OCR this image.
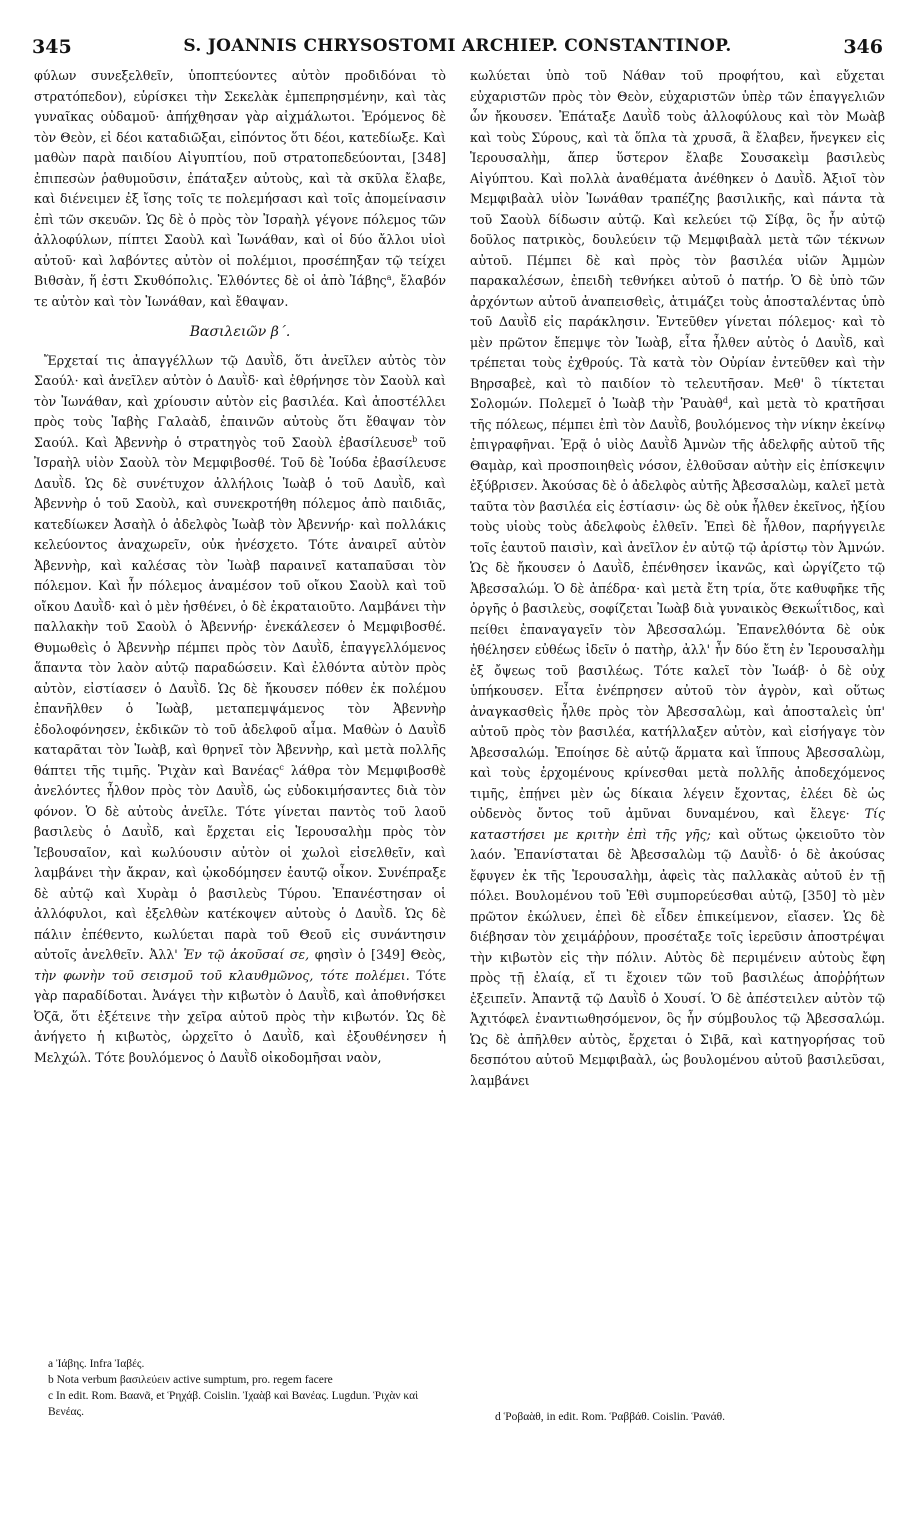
345	S. JOANNIS CHRYSOSTOMI ARCHIEP. CONSTANTINOP.	346

φύλων συνεξελθεῖν, ὑποπτεύοντες αὐτὸν προδιδόναι τὸ στρατόπεδον), εὑρίσκει τὴν Σεκελὰκ ἐμπεπρησμένην, καὶ τὰς γυναῖκας οὐδαμοῦ· ἀπήχθησαν γὰρ αἰχμάλωτοι. Ἐρόμενος δὲ τὸν Θεὸν, εἰ δέοι καταδιῶξαι, εἰπόντος ὅτι δέοι, κατεδίωξε. Καὶ μαθὼν παρὰ παιδίου Αἰγυπτίου, ποῦ στρατοπεδεύονται, [348] ἐπιπεσὼν ῥαθυμοῦσιν, ἐπάταξεν αὐτοὺς, καὶ τὰ σκῦλα ἔλαβε, καὶ διένειμεν ἐξ ἴσης τοῖς τε πολεμήσασι καὶ τοῖς ἀπομείνασιν ἐπὶ τῶν σκευῶν. Ὡς δὲ ὁ πρὸς τὸν Ἰσραὴλ γέγονε πόλεμος τῶν ἀλλοφύλων, πίπτει Σαοὺλ καὶ Ἰωνάθαν, καὶ οἱ δύο ἄλλοι υἱοὶ αὐτοῦ· καὶ λαβόντες αὐτὸν οἱ πολέμιοι, προσέπηξαν τῷ τείχει Βιθσὰν, ἥ ἐστι Σκυθόπολις. Ἐλθόντες δὲ οἱ ἀπὸ Ἰάβης$^a$, ἔλαβόν τε αὐτὸν καὶ τὸν Ἰωνάθαν, καὶ ἔθαψαν.

Βασιλειῶν β΄.

Ἔρχεταί τις ἀπαγγέλλων τῷ Δαυῒδ, ὅτι ἀνεῖλεν αὐτὸς τὸν Σαούλ· καὶ ἀνεῖλεν αὐτὸν ὁ Δαυῒδ· καὶ ἐθρήνησε τὸν Σαοὺλ καὶ τὸν Ἰωνάθαν, καὶ χρίουσιν αὐτὸν εἰς βασιλέα. Καὶ ἀποστέλλει πρὸς τοὺς Ἰαβὴς Γαλαὰδ, ἐπαινῶν αὐτοὺς ὅτι ἔθαψαν τὸν Σαούλ. Καὶ Ἀβεννὴρ ὁ στρατηγὸς τοῦ Σαοὺλ ἐβασίλευσε$^b$ τοῦ Ἰσραὴλ υἱὸν Σαοὺλ τὸν Μεμφιβοσθέ. Τοῦ δὲ Ἰούδα ἐβασίλευσε Δαυῒδ. Ὡς δὲ συνέτυχον ἀλλήλοις Ἰωὰβ ὁ τοῦ Δαυῒδ, καὶ Ἀβεννὴρ ὁ τοῦ Σαοὺλ, καὶ συνεκροτήθη πόλεμος ἀπὸ παιδιᾶς, κατεδίωκεν Ἀσαὴλ ὁ ἀδελφὸς Ἰωὰβ τὸν Ἀβεννήρ· καὶ πολλάκις κελεύοντος ἀναχωρεῖν, οὐκ ἠνέσχετο. Τότε ἀναιρεῖ αὐτὸν Ἀβεννὴρ, καὶ καλέσας τὸν Ἰωὰβ παραινεῖ καταπαῦσαι τὸν πόλεμον. Καὶ ἦν πόλεμος ἀναμέσον τοῦ οἴκου Σαοὺλ καὶ τοῦ οἴκου Δαυῒδ· καὶ ὁ μὲν ἠσθένει, ὁ δὲ ἐκραταιοῦτο. Λαμβάνει τὴν παλλακὴν τοῦ Σαοὺλ ὁ Ἀβεννήρ· ἐνεκάλεσεν ὁ Μεμφιβοσθέ. Θυμωθεὶς ὁ Ἀβεννὴρ πέμπει πρὸς τὸν Δαυῒδ, ἐπαγγελλόμενος ἅπαντα τὸν λαὸν αὐτῷ παραδώσειν. Καὶ ἐλθόντα αὐτὸν πρὸς αὐτὸν, εἰστίασεν ὁ Δαυῒδ. Ὡς δὲ ἤκουσεν πόθεν ἐκ πολέμου ἐπανῆλθεν ὁ Ἰωὰβ, μεταπεμψάμενος τὸν Ἀβεννὴρ ἐδολοφόνησεν, ἐκδικῶν τὸ τοῦ ἀδελφοῦ αἷμα. Μαθὼν ὁ Δαυῒδ καταρᾶται τὸν Ἰωὰβ, καὶ θρηνεῖ τὸν Ἀβεννὴρ, καὶ μετὰ πολλῆς θάπτει τῆς τιμῆς. Ῥιχὰν καὶ Βανέας$^c$ λάθρα τὸν Μεμφιβοσθὲ ἀνελόντες ἦλθον πρὸς τὸν Δαυῒδ, ὡς εὐδοκιμήσαντες διὰ τὸν φόνον. Ὁ δὲ αὐτοὺς ἀνεῖλε. Τότε γίνεται παντὸς τοῦ λαοῦ βασιλεὺς ὁ Δαυῒδ, καὶ ἔρχεται εἰς Ἱερουσαλὴμ πρὸς τὸν Ἰεβουσαῖον, καὶ κωλύουσιν αὐτὸν οἱ χωλοὶ εἰσελθεῖν, καὶ λαμβάνει τὴν ἄκραν, καὶ ᾠκοδόμησεν ἑαυτῷ οἶκον. Συνέπραξε δὲ αὐτῷ καὶ Χυρὰμ ὁ βασιλεὺς Τύρου. Ἐπανέστησαν οἱ ἀλλόφυλοι, καὶ ἐξελθὼν κατέκοψεν αὐτοὺς ὁ Δαυῒδ. Ὡς δὲ πάλιν ἐπέθεντο, κωλύεται παρὰ τοῦ Θεοῦ εἰς συνάντησιν αὐτοῖς ἀνελθεῖν. Ἀλλ' Ἐν τῷ ἀκοῦσαί σε, φησὶν ὁ [349] Θεὸς, τὴν φωνὴν τοῦ σεισμοῦ τοῦ κλαυθμῶνος, τότε πολέμει. Τότε γὰρ παραδίδοται. Ἀνάγει τὴν κιβωτὸν ὁ Δαυῒδ, καὶ ἀποθνήσκει Ὀζᾶ, ὅτι ἐξέτεινε τὴν χεῖρα αὐτοῦ πρὸς τὴν κιβωτόν. Ὡς δὲ ἀνήγετο ἡ κιβωτὸς, ὠρχεῖτο ὁ Δαυῒδ, καὶ ἐξουθένησεν ἡ Μελχώλ. Τότε βουλόμενος ὁ Δαυῒδ οἰκοδομῆσαι ναὸν,

κωλύεται ὑπὸ τοῦ Νάθαν τοῦ προφήτου, καὶ εὔχεται εὐχαριστῶν πρὸς τὸν Θεὸν, εὐχαριστῶν ὑπὲρ τῶν ἐπαγγελιῶν ὧν ἤκουσεν. Ἐπάταξε Δαυῒδ τοὺς ἀλλοφύλους καὶ τὸν Μωὰβ καὶ τοὺς Σύρους, καὶ τὰ ὅπλα τὰ χρυσᾶ, ἃ ἔλαβεν, ἤνεγκεν εἰς Ἱερουσαλὴμ, ἅπερ ὕστερον ἔλαβε Σουσακεὶμ βασιλεὺς Αἰγύπτου. Καὶ πολλὰ ἀναθέματα ἀνέθηκεν ὁ Δαυῒδ. Ἀξιοῖ τὸν Μεμφιβαὰλ υἱὸν Ἰωνάθαν τραπέζης βασιλικῆς, καὶ πάντα τὰ τοῦ Σαοὺλ δίδωσιν αὐτῷ. Καὶ κελεύει τῷ Σίβᾳ, ὃς ἦν αὐτῷ δοῦλος πατρικὸς, δουλεύειν τῷ Μεμφιβαὰλ μετὰ τῶν τέκνων αὐτοῦ. Πέμπει δὲ καὶ πρὸς τὸν βασιλέα υἱῶν Ἀμμὼν παρακαλέσων, ἐπειδὴ τεθνήκει αὐτοῦ ὁ πατήρ. Ὁ δὲ ὑπὸ τῶν ἀρχόντων αὐτοῦ ἀναπεισθεὶς, ἀτιμάζει τοὺς ἀποσταλέντας ὑπὸ τοῦ Δαυῒδ εἰς παράκλησιν. Ἐντεῦθεν γίνεται πόλεμος· καὶ τὸ μὲν πρῶτον ἔπεμψε τὸν Ἰωὰβ, εἶτα ἦλθεν αὐτὸς ὁ Δαυῒδ, καὶ τρέπεται τοὺς ἐχθρούς. Τὰ κατὰ τὸν Οὐρίαν ἐντεῦθεν καὶ τὴν Βηρσαβεὲ, καὶ τὸ παιδίον τὸ τελευτῆσαν. Μεθ' ὃ τίκτεται Σολομών. Πολεμεῖ ὁ Ἰωὰβ τὴν Ῥαυὰθ$^d$, καὶ μετὰ τὸ κρατῆσαι τῆς πόλεως, πέμπει ἐπὶ τὸν Δαυῒδ, βουλόμενος τὴν νίκην ἐκείνῳ ἐπιγραφῆναι. Ἐρᾷ ὁ υἱὸς Δαυῒδ Ἀμνὼν τῆς ἀδελφῆς αὐτοῦ τῆς Θαμὰρ, καὶ προσποιηθεὶς νόσον, ἐλθοῦσαν αὐτὴν εἰς ἐπίσκεψιν ἐξύβρισεν. Ἀκούσας δὲ ὁ ἀδελφὸς αὐτῆς Ἀβεσσαλὼμ, καλεῖ μετὰ ταῦτα τὸν βασιλέα εἰς ἑστίασιν· ὡς δὲ οὐκ ἦλθεν ἐκεῖνος, ἠξίου τοὺς υἱοὺς τοὺς ἀδελφοὺς ἐλθεῖν. Ἐπεὶ δὲ ἦλθον, παρήγγειλε τοῖς ἑαυτοῦ παισὶν, καὶ ἀνεῖλον ἐν αὐτῷ τῷ ἀρίστῳ τὸν Ἀμνών. Ὡς δὲ ἤκουσεν ὁ Δαυῒδ, ἐπένθησεν ἱκανῶς, καὶ ὠργίζετο τῷ Ἀβεσσαλώμ. Ὁ δὲ ἀπέδρα· καὶ μετὰ ἔτη τρία, ὅτε καθυφῆκε τῆς ὀργῆς ὁ βασιλεὺς, σοφίζεται Ἰωὰβ διὰ γυναικὸς Θεκωΐτιδος, καὶ πείθει ἐπαναγαγεῖν τὸν Ἀβεσσαλώμ. Ἐπανελθόντα δὲ οὐκ ἠθέλησεν εὐθέως ἰδεῖν ὁ πατὴρ, ἀλλ' ἦν δύο ἔτη ἐν Ἱερουσαλὴμ ἐξ ὄψεως τοῦ βασιλέως. Τότε καλεῖ τὸν Ἰωάβ· ὁ δὲ οὐχ ὑπήκουσεν. Εἶτα ἐνέπρησεν αὐτοῦ τὸν ἀγρὸν, καὶ οὕτως ἀναγκασθεὶς ἦλθε πρὸς τὸν Ἀβεσσαλὼμ, καὶ ἀποσταλεὶς ὑπ' αὐτοῦ πρὸς τὸν βασιλέα, κατήλλαξεν αὐτὸν, καὶ εἰσήγαγε τὸν Ἀβεσσαλώμ. Ἐποίησε δὲ αὐτῷ ἅρματα καὶ ἵππους Ἀβεσσαλὼμ, καὶ τοὺς ἐρχομένους κρίνεσθαι μετὰ πολλῆς ἀποδεχόμενος τιμῆς, ἐπῄνει μὲν ὡς δίκαια λέγειν ἔχοντας, ἐλέει δὲ ὡς οὐδενὸς ὄντος τοῦ ἀμῦναι δυναμένου, καὶ ἔλεγε· Τίς καταστήσει με κριτὴν ἐπὶ τῆς γῆς; καὶ οὕτως ᾠκειοῦτο τὸν λαόν. Ἐπανίσταται δὲ Ἀβεσσαλὼμ τῷ Δαυῒδ· ὁ δὲ ἀκούσας ἔφυγεν ἐκ τῆς Ἱερουσαλὴμ, ἀφεὶς τὰς παλλακὰς αὐτοῦ ἐν τῇ πόλει. Βουλομένου τοῦ Ἐθὶ συμπορεύεσθαι αὐτῷ, [350] τὸ μὲν πρῶτον ἐκώλυεν, ἐπεὶ δὲ εἶδεν ἐπικείμενον, εἴασεν. Ὡς δὲ διέβησαν τὸν χειμάῤῥουν, προσέταξε τοῖς ἱερεῦσιν ἀποστρέψαι τὴν κιβωτὸν εἰς τὴν πόλιν. Αὐτὸς δὲ περιμένειν αὐτοὺς ἔφη πρὸς τῇ ἐλαίᾳ, εἴ τι ἔχοιεν τῶν τοῦ βασιλέως ἀποῤῥήτων ἐξειπεῖν. Ἀπαντᾷ τῷ Δαυῒδ ὁ Χουσί. Ὁ δὲ ἀπέστειλεν αὐτὸν τῷ Ἀχιτόφελ ἐναντιωθησόμενον, ὃς ἦν σύμβουλος τῷ Ἀβεσσαλώμ. Ὡς δὲ ἀπῆλθεν αὐτὸς, ἔρχεται ὁ Σιβᾶ, καὶ κατηγορήσας τοῦ δεσπότου αὐτοῦ Μεμφιβαὰλ, ὡς βουλομένου αὐτοῦ βασιλεῦσαι, λαμβάνει

a Ἰάβης. Infra Ἰαβές.

b Nota verbum βασιλεύειν active sumptum, pro. regem facere

c In edit. Rom. Βαανᾶ, et Ῥηχάβ. Coislin. Ἰχαὰβ καὶ Βανέας. Lugdun. Ῥιχὰν καὶ Βενέας.	d Ῥοβαὰθ, in edit. Rom. Ῥαββάθ. Coislin. Ῥανάθ.
